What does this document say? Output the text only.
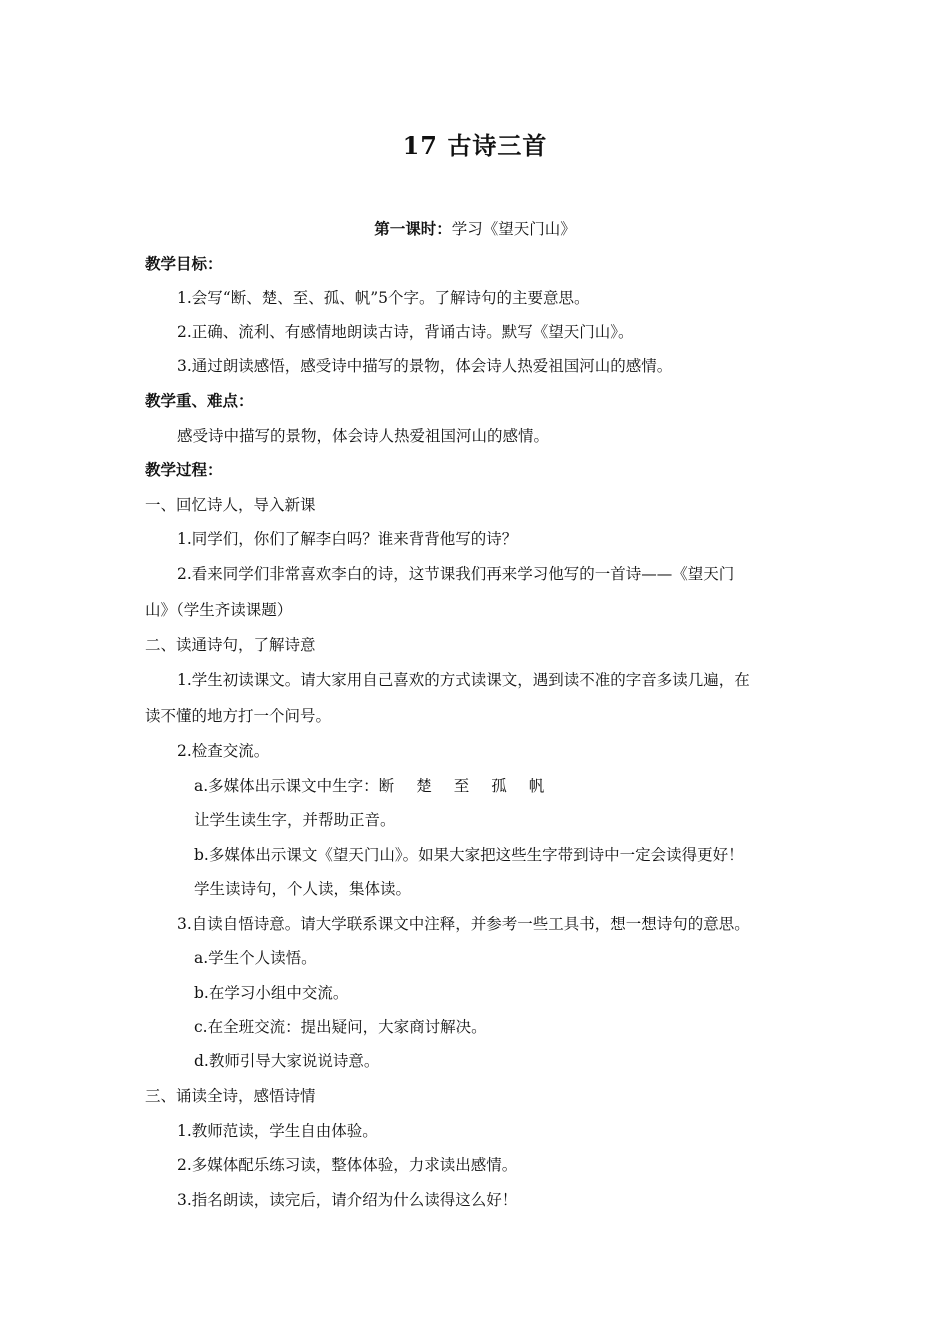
17 古诗三首
第一课时：学习《望天门山》
教学目标：
1.会写“断、楚、至、孤、帆”5个字。了解诗句的主要意思。
2.正确、流利、有感情地朗读古诗，背诵古诗。默写《望天门山》。
3.通过朗读感悟，感受诗中描写的景物，体会诗人热爱祖国河山的感情。
教学重、难点：
感受诗中描写的景物，体会诗人热爱祖国河山的感情。
教学过程：
一、回忆诗人，导入新课
1.同学们，你们了解李白吗？谁来背背他写的诗？
2.看来同学们非常喜欢李白的诗，这节课我们再来学习他写的一首诗——《望天门
山》（学生齐读课题）
二、读通诗句，了解诗意
1.学生初读课文。请大家用自己喜欢的方式读课文，遇到读不准的字音多读几遍，在
读不懂的地方打一个问号。
2.检查交流。
a.多媒体出示课文中生字：断 楚 至 孤 帆
让学生读生字，并帮助正音。
b.多媒体出示课文《望天门山》。如果大家把这些生字带到诗中一定会读得更好！
学生读诗句，个人读，集体读。
3.自读自悟诗意。请大学联系课文中注释，并参考一些工具书，想一想诗句的意思。
a.学生个人读悟。
b.在学习小组中交流。
c.在全班交流：提出疑问，大家商讨解决。
d.教师引导大家说说诗意。
三、诵读全诗，感悟诗情
1.教师范读，学生自由体验。
2.多媒体配乐练习读，整体体验，力求读出感情。
3.指名朗读，读完后，请介绍为什么读得这么好！
